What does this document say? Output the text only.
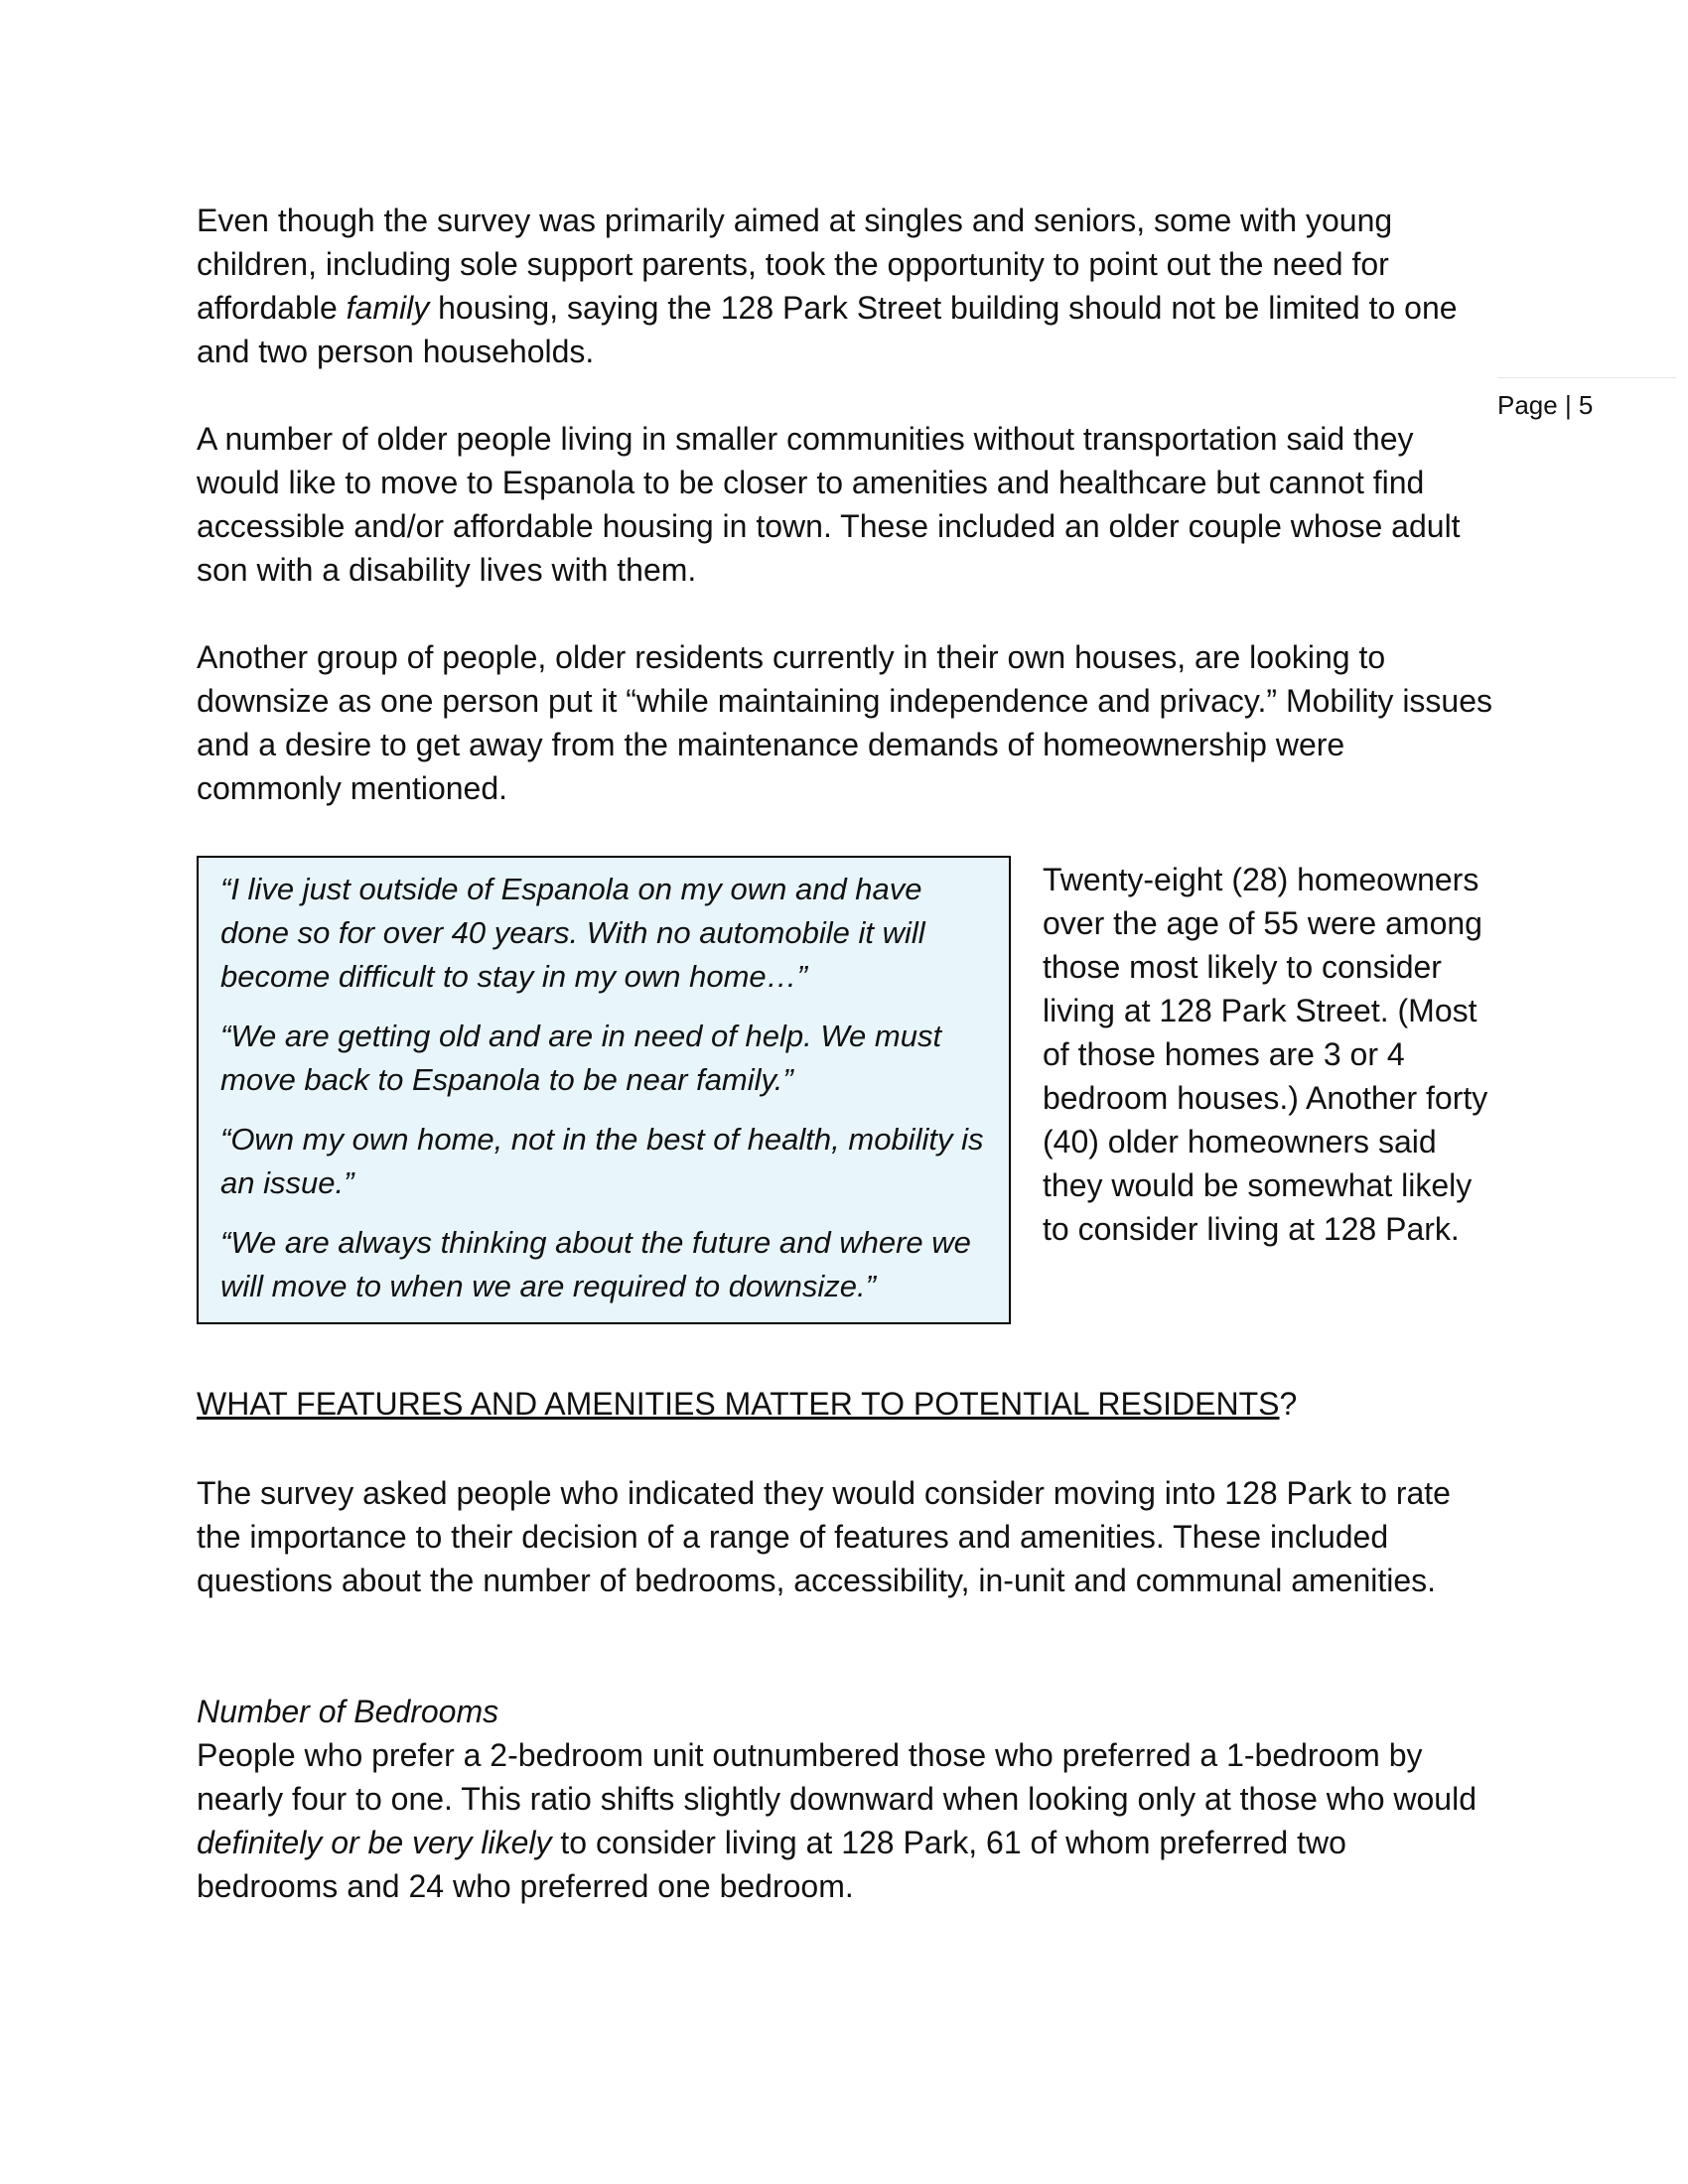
Page | 5

Even though the survey was primarily aimed at singles and seniors, some with young children, including sole support parents, took the opportunity to point out the need for affordable family housing, saying the 128 Park Street building should not be limited to one and two person households.

A number of older people living in smaller communities without transportation said they would like to move to Espanola to be closer to amenities and healthcare but cannot find accessible and/or affordable housing in town. These included an older couple whose adult son with a disability lives with them.

Another group of people, older residents currently in their own houses, are looking to downsize as one person put it “while maintaining independence and privacy.” Mobility issues and a desire to get away from the maintenance demands of homeownership were commonly mentioned.

“I live just outside of Espanola on my own and have done so for over 40 years. With no automobile it will become difficult to stay in my own home…”

“We are getting old and are in need of help. We must move back to Espanola to be near family.”

“Own my own home, not in the best of health, mobility is an issue.”

“We are always thinking about the future and where we will move to when we are required to downsize.”

Twenty-eight (28) homeowners over the age of 55 were among those most likely to consider living at 128 Park Street. (Most of those homes are 3 or 4 bedroom houses.) Another forty (40) older homeowners said they would be somewhat likely to consider living at 128 Park.

WHAT FEATURES AND AMENITIES MATTER TO POTENTIAL RESIDENTS?

The survey asked people who indicated they would consider moving into 128 Park to rate the importance to their decision of a range of features and amenities. These included questions about the number of bedrooms, accessibility, in-unit and communal amenities.

Number of Bedrooms

People who prefer a 2-bedroom unit outnumbered those who preferred a 1-bedroom by nearly four to one. This ratio shifts slightly downward when looking only at those who would definitely or be very likely to consider living at 128 Park, 61 of whom preferred two bedrooms and 24 who preferred one bedroom.
